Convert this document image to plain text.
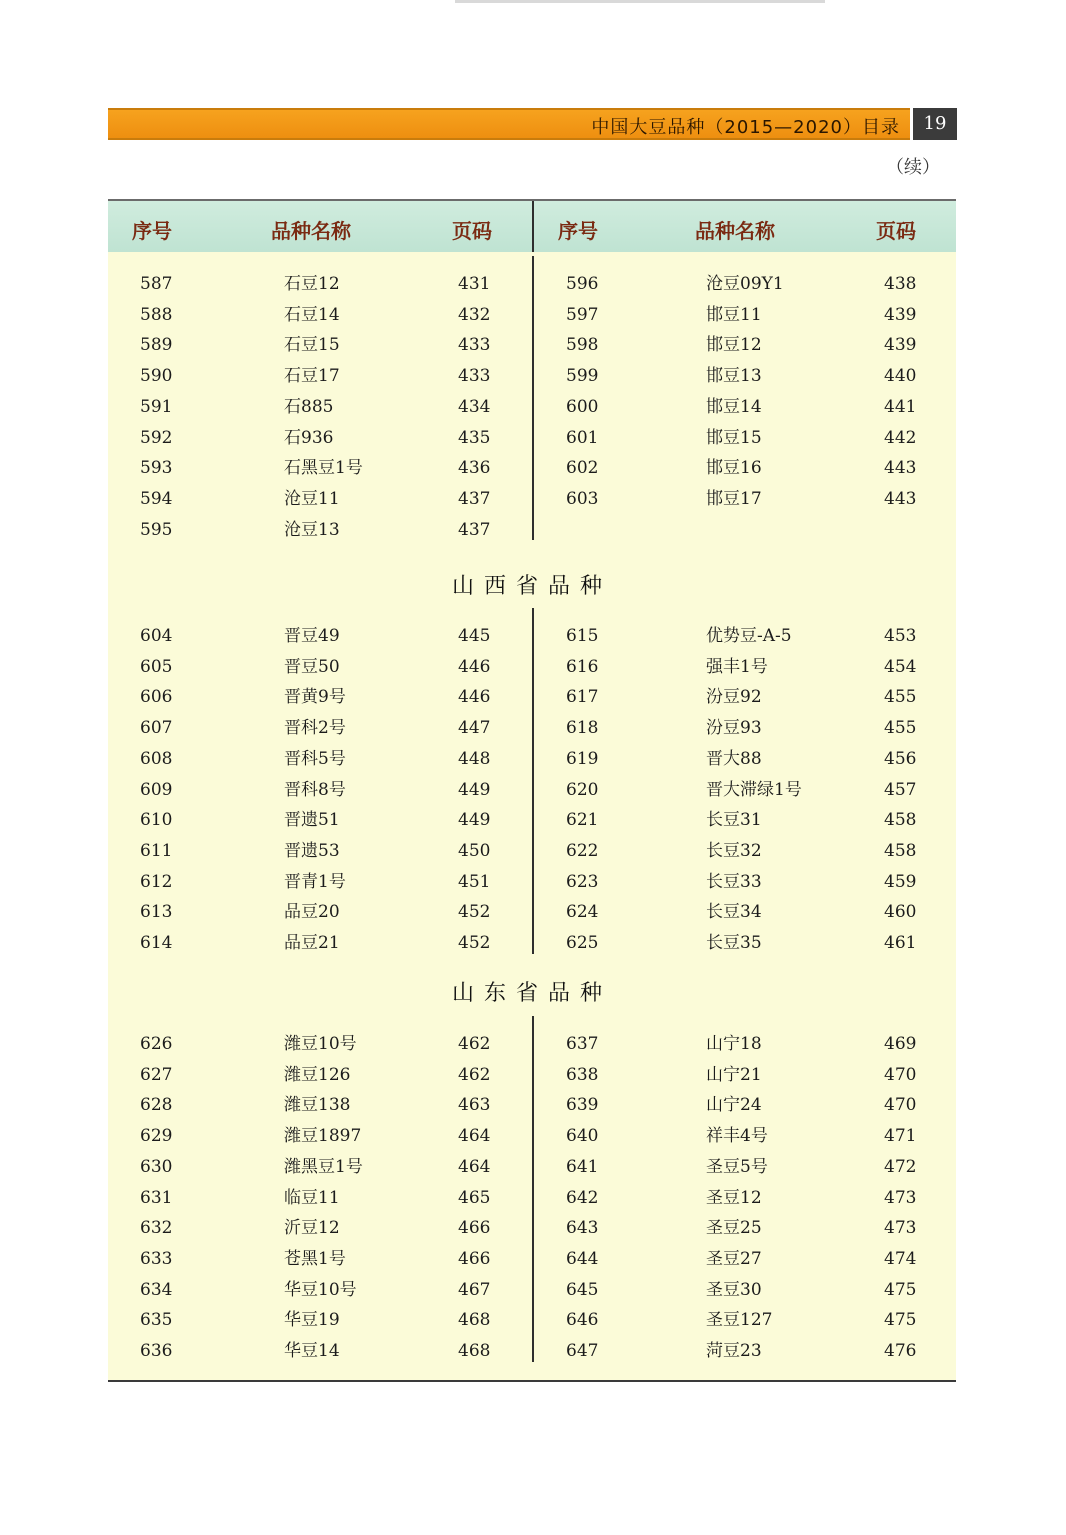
中国大豆品种（2015—2020）目录	19
（续）
序号	品种名称	页码	序号	品种名称	页码
587	石豆12	431
588	石豆14	432
589	石豆15	433
590	石豆17	433
591	石885	434
592	石936	435
593	石黑豆1号	436
594	沧豆11	437
595	沧豆13	437
596	沧豆09Y1	438
597	邯豆11	439
598	邯豆12	439
599	邯豆13	440
600	邯豆14	441
601	邯豆15	442
602	邯豆16	443
603	邯豆17	443
山西省品种
604	晋豆49	445
605	晋豆50	446
606	晋黄9号	446
607	晋科2号	447
608	晋科5号	448
609	晋科8号	449
610	晋遗51	449
611	晋遗53	450
612	晋青1号	451
613	品豆20	452
614	品豆21	452
615	优势豆-A-5	453
616	强丰1号	454
617	汾豆92	455
618	汾豆93	455
619	晋大88	456
620	晋大滞绿1号	457
621	长豆31	458
622	长豆32	458
623	长豆33	459
624	长豆34	460
625	长豆35	461
山东省品种
626	潍豆10号	462
627	潍豆126	462
628	潍豆138	463
629	潍豆1897	464
630	潍黑豆1号	464
631	临豆11	465
632	沂豆12	466
633	苍黑1号	466
634	华豆10号	467
635	华豆19	468
636	华豆14	468
637	山宁18	469
638	山宁21	470
639	山宁24	470
640	祥丰4号	471
641	圣豆5号	472
642	圣豆12	473
643	圣豆25	473
644	圣豆27	474
645	圣豆30	475
646	圣豆127	475
647	菏豆23	476
